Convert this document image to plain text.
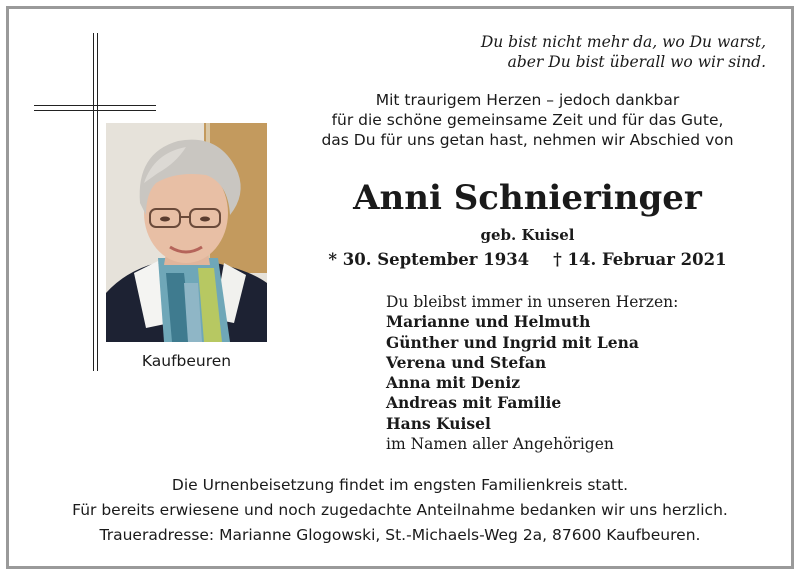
Du bist nicht mehr da, wo Du warst,
aber Du bist überall wo wir sind.
Mit traurigem Herzen – jedoch dankbar
für die schöne gemeinsame Zeit und für das Gute,
das Du für uns getan hast, nehmen wir Abschied von
Kaufbeuren
Anni Schnieringer
geb. Kuisel
* 30. September 1934 † 14. Februar 2021
Du bleibst immer in unseren Herzen:
Marianne und Helmuth
Günther und Ingrid mit Lena
Verena und Stefan
Anna mit Deniz
Andreas mit Familie
Hans Kuisel
im Namen aller Angehörigen
Die Urnenbeisetzung findet im engsten Familienkreis statt.
Für bereits erwiesene und noch zugedachte Anteilnahme bedanken wir uns herzlich.
Traueradresse: Marianne Glogowski, St.-Michaels-Weg 2a, 87600 Kaufbeuren.
